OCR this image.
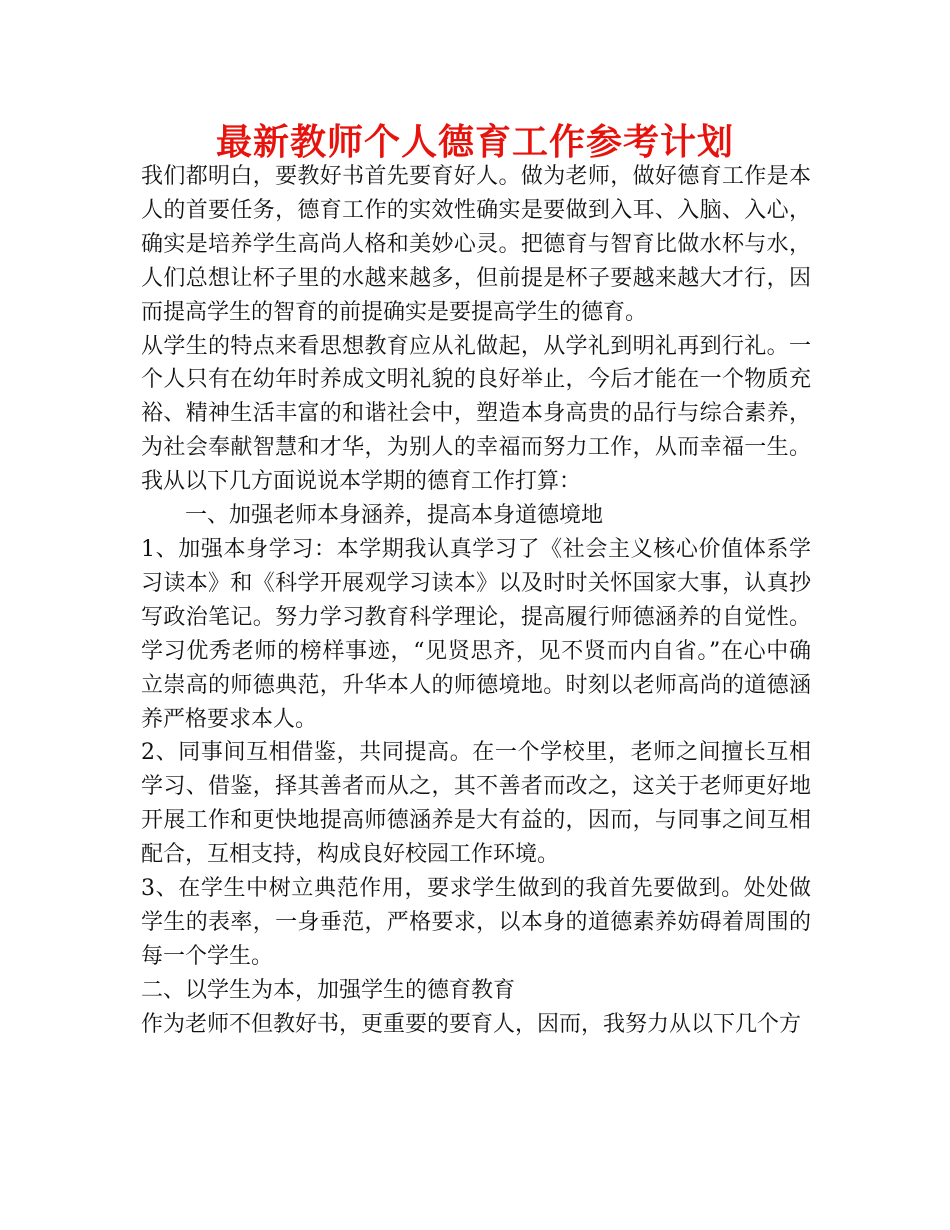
最新教师个人德育工作参考计划

我们都明白，要教好书首先要育好人。做为老师，做好德育工作是本人的首要任务，德育工作的实效性确实是要做到入耳、入脑、入心，确实是培养学生高尚人格和美妙心灵。把德育与智育比做水杯与水，人们总想让杯子里的水越来越多，但前提是杯子要越来越大才行，因而提高学生的智育的前提确实是要提高学生的德育。

从学生的特点来看思想教育应从礼做起，从学礼到明礼再到行礼。一个人只有在幼年时养成文明礼貌的良好举止，今后才能在一个物质充裕、精神生活丰富的和谐社会中，塑造本身高贵的品行与综合素养，为社会奉献智慧和才华，为别人的幸福而努力工作，从而幸福一生。我从以下几方面说说本学期的德育工作打算：

一、加强老师本身涵养，提高本身道德境地

1、加强本身学习：本学期我认真学习了《社会主义核心价值体系学习读本》和《科学开展观学习读本》以及时时关怀国家大事，认真抄写政治笔记。努力学习教育科学理论，提高履行师德涵养的自觉性。学习优秀老师的榜样事迹，“见贤思齐，见不贤而内自省。”在心中确立崇高的师德典范，升华本人的师德境地。时刻以老师高尚的道德涵养严格要求本人。

2、同事间互相借鉴，共同提高。在一个学校里，老师之间擅长互相学习、借鉴，择其善者而从之，其不善者而改之，这关于老师更好地开展工作和更快地提高师德涵养是大有益的，因而，与同事之间互相配合，互相支持，构成良好校园工作环境。

3、在学生中树立典范作用，要求学生做到的我首先要做到。处处做学生的表率，一身垂范，严格要求，以本身的道德素养妨碍着周围的每一个学生。

二、以学生为本，加强学生的德育教育

作为老师不但教好书，更重要的要育人，因而，我努力从以下几个方
